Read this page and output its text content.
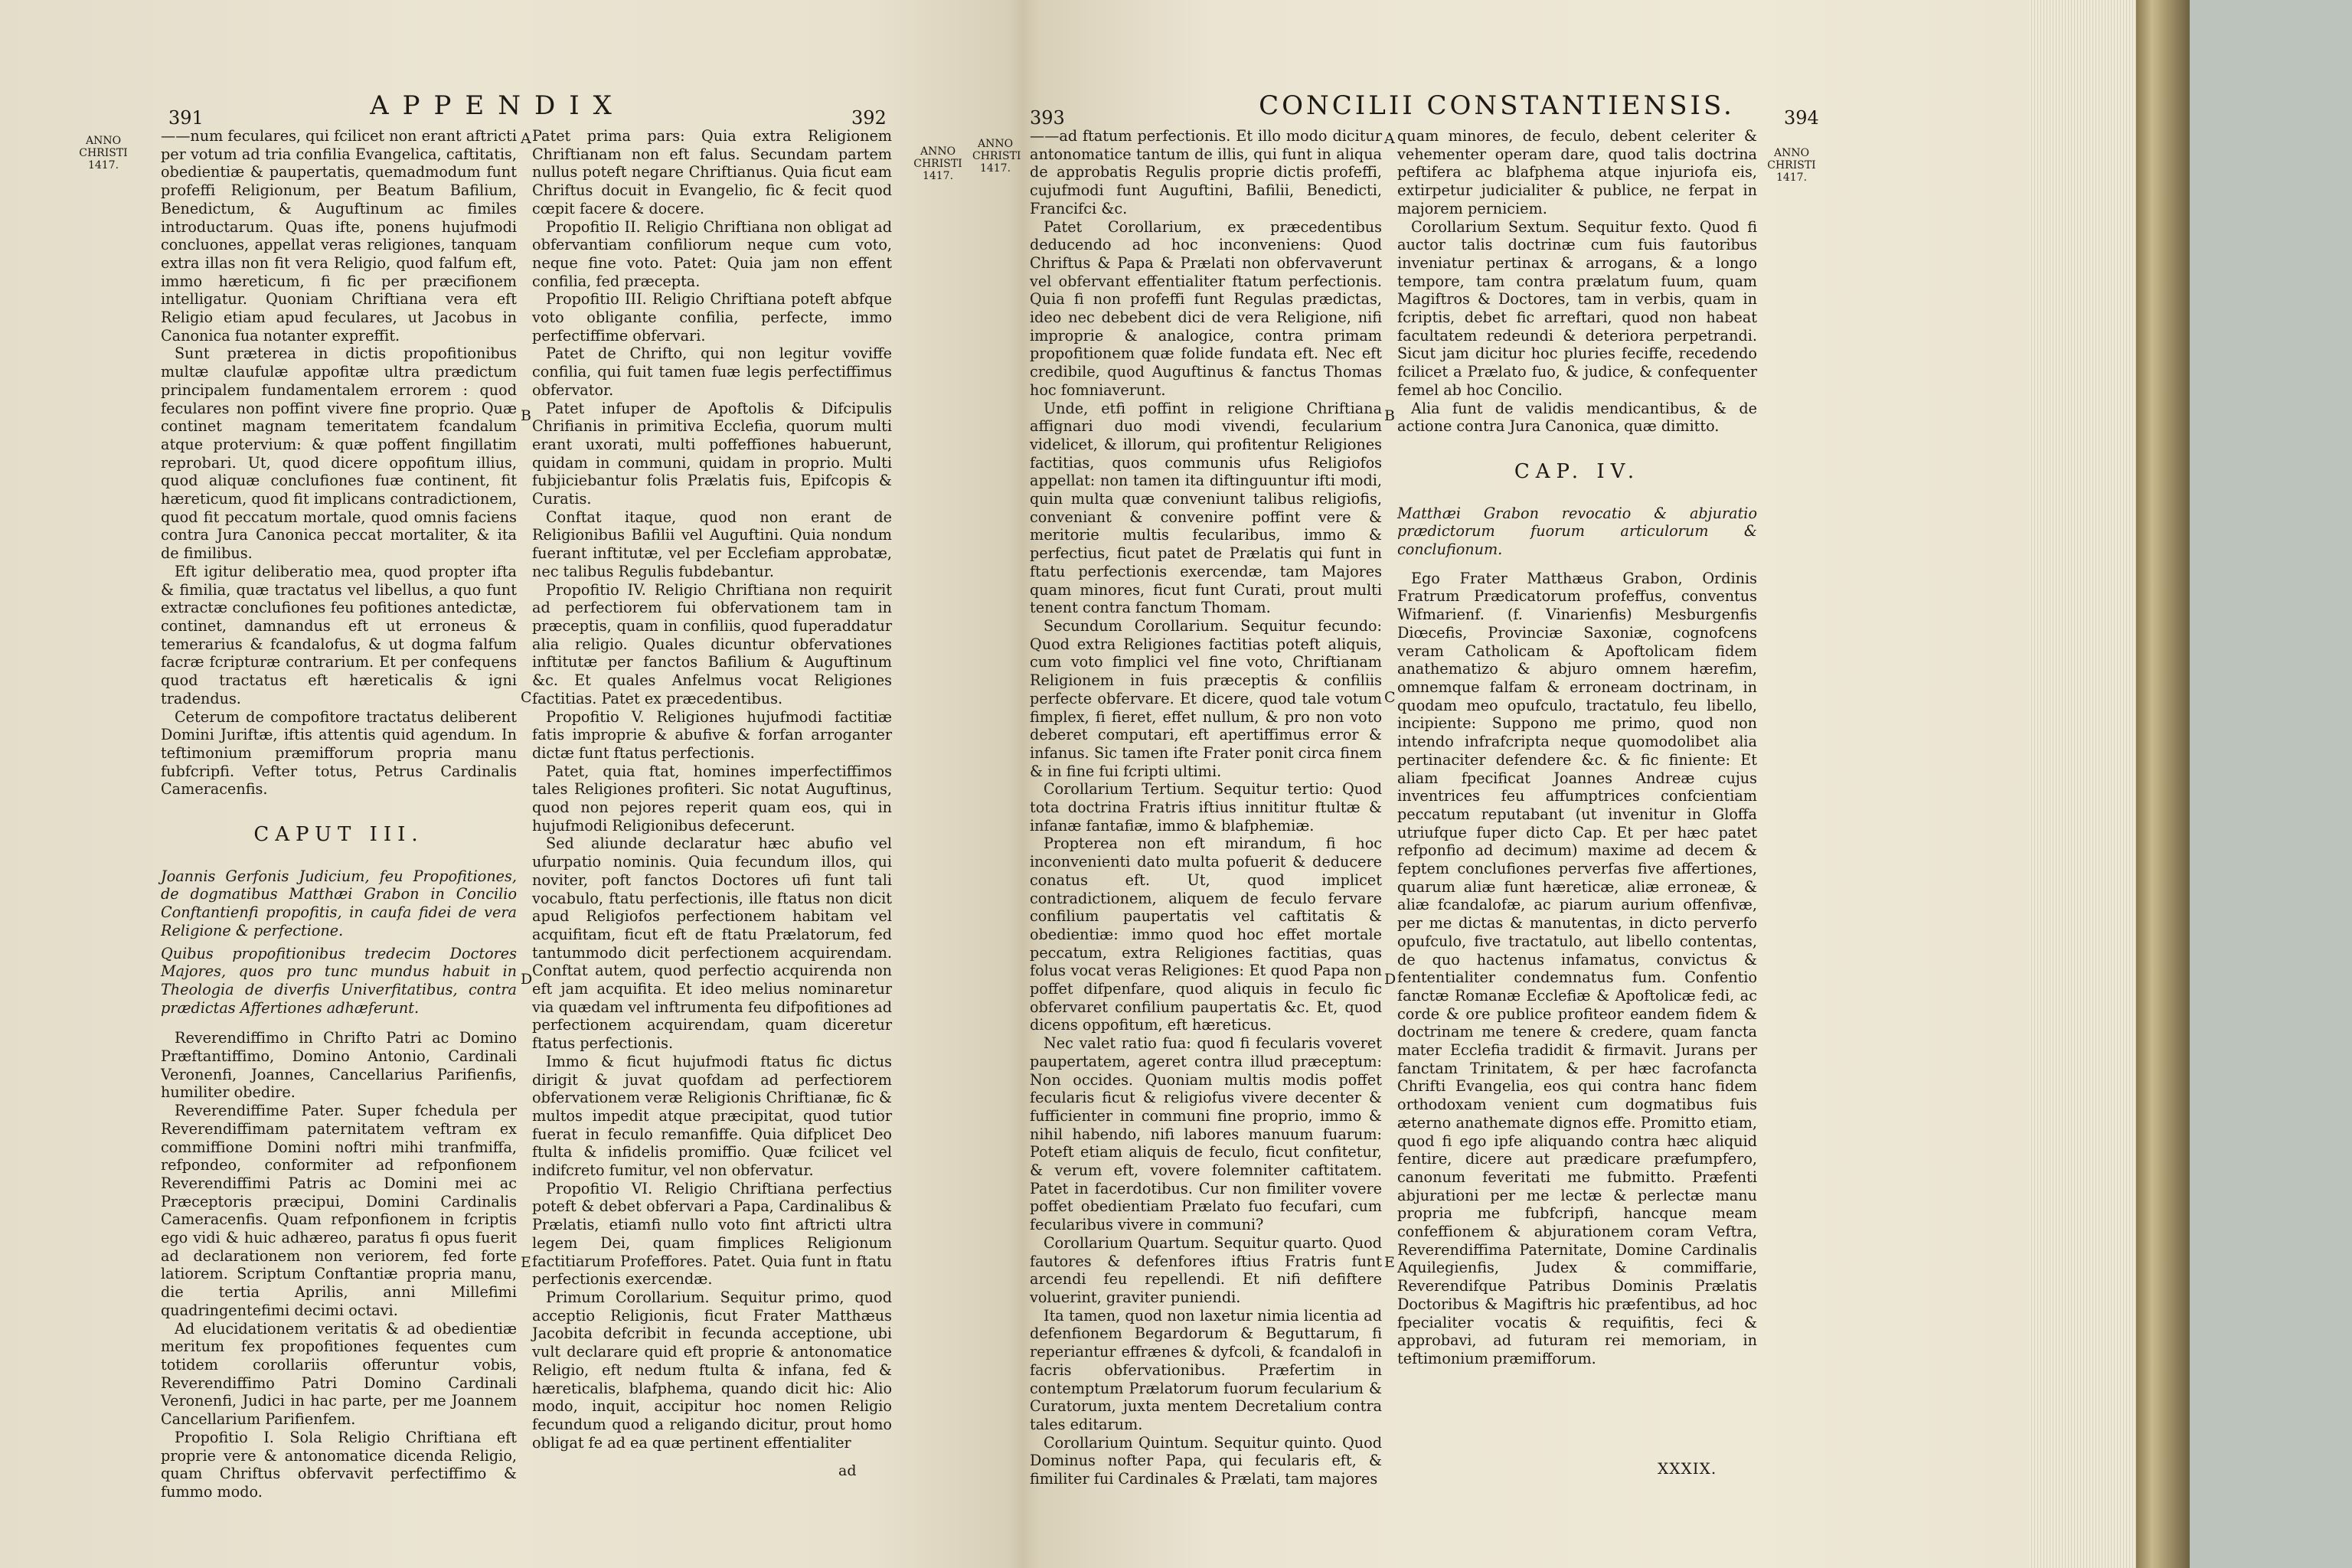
391	APPENDIX	392
ANNO
CHRISTI
1417.
ANNO
CHRISTI
1417.

——num feculares, qui fcilicet non erant aftricti per votum ad tria confilia Evangelica, caftitatis, obedientiæ & paupertatis, quemadmodum funt profeffi Religionum, per Beatum Bafilium, Benedictum, & Auguftinum ac fimiles introductarum. Quas ifte, ponens hujufmodi concluones, appellat veras religiones, tanquam extra illas non fit vera Religio, quod falfum eft, immo hæreticum, fi fic per præcifionem intelligatur. Quoniam Chriftiana vera eft Religio etiam apud feculares, ut Jacobus in Canonica fua notanter expreffit.

Sunt præterea in dictis propofitionibus multæ claufulæ appofitæ ultra prædictum principalem fundamentalem errorem : quod feculares non poffint vivere fine proprio. Quæ continet magnam temeritatem fcandalum atque protervium: & quæ poffent fingillatim reprobari. Ut, quod dicere oppofitum illius, quod aliquæ conclufiones fuæ continent, fit hæreticum, quod fit implicans contradictionem, quod fit peccatum mortale, quod omnis faciens contra Jura Canonica peccat mortaliter, & ita de fimilibus.

Eft igitur deliberatio mea, quod propter ifta & fimilia, quæ tractatus vel libellus, a quo funt extractæ conclufiones feu pofitiones antedictæ, continet, damnandus eft ut erroneus & temerarius & fcandalofus, & ut dogma falfum facræ fcripturæ contrarium. Et per confequens quod tractatus eft hæreticalis & igni tradendus.

Ceterum de compofitore tractatus deliberent Domini Juriftæ, iftis attentis quid agendum. In teftimonium præmifforum propria manu fubfcripfi. Vefter totus, Petrus Cardinalis Cameracenfis.

CAPUT III.
Joannis Gerfonis Judicium, feu Propofitiones, de dogmatibus Matthæi Grabon in Concilio Conftantienfi propofitis, in caufa fidei de vera Religione & perfectione.
Quibus propofitionibus tredecim Doctores Majores, quos pro tunc mundus habuit in Theologia de diverfis Univerfitatibus, contra prædictas Affertiones adhæferunt.

Reverendiffimo in Chrifto Patri ac Domino Præftantiffimo, Domino Antonio, Cardinali Veronenfi, Joannes, Cancellarius Parifienfis, humiliter obedire.

Reverendiffime Pater. Super fchedula per Reverendiffimam paternitatem veftram ex commiffione Domini noftri mihi tranfmiffa, refpondeo, conformiter ad refponfionem Reverendiffimi Patris ac Domini mei ac Præceptoris præcipui, Domini Cardinalis Cameracenfis. Quam refponfionem in fcriptis ego vidi & huic adhæreo, paratus fi opus fuerit ad declarationem non veriorem, fed forte latiorem. Scriptum Conftantiæ propria manu, die tertia Aprilis, anni Millefimi quadringentefimi decimi octavi.

Ad elucidationem veritatis & ad obedientiæ meritum fex propofitiones fequentes cum totidem corollariis offeruntur vobis, Reverendiffimo Patri Domino Cardinali Veronenfi, Judici in hac parte, per me Joannem Cancellarium Parifienfem.

Propofitio I. Sola Religio Chriftiana eft proprie vere & antonomatice dicenda Religio, quam Chriftus obfervavit perfectiffimo & fummo modo.

Patet prima pars: Quia extra Religionem Chriftianam non eft falus. Secundam partem nullus poteft negare Chriftianus. Quia ficut eam Chriftus docuit in Evangelio, fic & fecit quod cœpit facere & docere.

Propofitio II. Religio Chriftiana non obligat ad obfervantiam confiliorum neque cum voto, neque fine voto. Patet: Quia jam non effent confilia, fed præcepta.

Propofitio III. Religio Chriftiana poteft abfque voto obligante confilia, perfecte, immo perfectiffime obfervari.

Patet de Chrifto, qui non legitur voviffe confilia, qui fuit tamen fuæ legis perfectiffimus obfervator.

Patet infuper de Apoftolis & Difcipulis Chrifianis in primitiva Ecclefia, quorum multi erant uxorati, multi poffeffiones habuerunt, quidam in communi, quidam in proprio. Multi fubjiciebantur folis Prælatis fuis, Epifcopis & Curatis.

Conftat itaque, quod non erant de Religionibus Bafilii vel Auguftini. Quia nondum fuerant inftitutæ, vel per Ecclefiam approbatæ, nec talibus Regulis fubdebantur.

Propofitio IV. Religio Chriftiana non requirit ad perfectiorem fui obfervationem tam in præceptis, quam in confiliis, quod fuperaddatur alia religio. Quales dicuntur obfervationes inftitutæ per fanctos Bafilium & Auguftinum &c. Et quales Anfelmus vocat Religiones factitias. Patet ex præcedentibus.

Propofitio V. Religiones hujufmodi factitiæ fatis improprie & abufive & forfan arroganter dictæ funt ftatus perfectionis.

Patet, quia ftat, homines imperfectiffimos tales Religiones profiteri. Sic notat Auguftinus, quod non pejores reperit quam eos, qui in hujufmodi Religionibus defecerunt.

Sed aliunde declaratur hæc abufio vel ufurpatio nominis. Quia fecundum illos, qui noviter, poft fanctos Doctores ufi funt tali vocabulo, ftatu perfectionis, ille ftatus non dicit apud Religiofos perfectionem habitam vel acquifitam, ficut eft de ftatu Prælatorum, fed tantummodo dicit perfectionem acquirendam. Conftat autem, quod perfectio acquirenda non eft jam acquifita. Et ideo melius nominaretur via quædam vel inftrumenta feu difpofitiones ad perfectionem acquirendam, quam diceretur ftatus perfectionis.

Immo & ficut hujufmodi ftatus fic dictus dirigit & juvat quofdam ad perfectiorem obfervationem veræ Religionis Chriftianæ, fic & multos impedit atque præcipitat, quod tutior fuerat in feculo remanfiffe. Quia difplicet Deo ftulta & infidelis promiffio. Quæ fcilicet vel indifcreto fumitur, vel non obfervatur.

Propofitio VI. Religio Chriftiana perfectius poteft & debet obfervari a Papa, Cardinalibus & Prælatis, etiamfi nullo voto fint aftricti ultra legem Dei, quam fimplices Religionum factitiarum Profeffores. Patet. Quia funt in ftatu perfectionis exercendæ.

Primum Corollarium. Sequitur primo, quod acceptio Religionis, ficut Frater Matthæus Jacobita defcribit in fecunda acceptione, ubi vult declarare quid eft proprie & antonomatice Religio, eft nedum ftulta & infana, fed & hæreticalis, blafphema, quando dicit hic: Alio modo, inquit, accipitur hoc nomen Religio fecundum quod a religando dicitur, prout homo obligat fe ad ea quæ pertinent effentialiter

ad
A
B
C
D
E
393	CONCILII CONSTANTIENSIS.	394
ANNO
CHRISTI
1417.
ANNO
CHRISTI
1417.

——ad ftatum perfectionis. Et illo modo dicitur antonomatice tantum de illis, qui funt in aliqua de approbatis Regulis proprie dictis profeffi, cujufmodi funt Auguftini, Bafilii, Benedicti, Francifci &c.

Patet Corollarium, ex præcedentibus deducendo ad hoc inconveniens: Quod Chriftus & Papa & Prælati non obfervaverunt vel obfervant effentialiter ftatum perfectionis. Quia fi non profeffi funt Regulas prædictas, ideo nec debebent dici de vera Religione, nifi improprie & analogice, contra primam propofitionem quæ folide fundata eft. Nec eft credibile, quod Auguftinus & fanctus Thomas hoc fomniaverunt.

Unde, etfi poffint in religione Chriftiana affignari duo modi vivendi, fecularium videlicet, & illorum, qui profitentur Religiones factitias, quos communis ufus Religiofos appellat: non tamen ita diftinguuntur ifti modi, quin multa quæ conveniunt talibus religiofis, conveniant & convenire poffint vere & meritorie multis fecularibus, immo & perfectius, ficut patet de Prælatis qui funt in ftatu perfectionis exercendæ, tam Majores quam minores, ficut funt Curati, prout multi tenent contra fanctum Thomam.

Secundum Corollarium. Sequitur fecundo: Quod extra Religiones factitias poteft aliquis, cum voto fimplici vel fine voto, Chriftianam Religionem in fuis præceptis & confiliis perfecte obfervare. Et dicere, quod tale votum fimplex, fi fieret, effet nullum, & pro non voto deberet computari, eft apertiffimus error & infanus. Sic tamen ifte Frater ponit circa finem & in fine fui fcripti ultimi.

Corollarium Tertium. Sequitur tertio: Quod tota doctrina Fratris iftius innititur ftultæ & infanæ fantafiæ, immo & blafphemiæ.

Propterea non eft mirandum, fi hoc inconvenienti dato multa pofuerit & deducere conatus eft. Ut, quod implicet contradictionem, aliquem de feculo fervare confilium paupertatis vel caftitatis & obedientiæ: immo quod hoc effet mortale peccatum, extra Religiones factitias, quas folus vocat veras Religiones: Et quod Papa non poffet difpenfare, quod aliquis in feculo fic obfervaret confilium paupertatis &c. Et, quod dicens oppofitum, eft hæreticus.

Nec valet ratio fua: quod fi fecularis voveret paupertatem, ageret contra illud præceptum: Non occides. Quoniam multis modis poffet fecularis ficut & religiofus vivere decenter & fufficienter in communi fine proprio, immo & nihil habendo, nifi labores manuum fuarum: Poteft etiam aliquis de feculo, ficut confitetur, & verum eft, vovere folemniter caftitatem. Patet in facerdotibus. Cur non fimiliter vovere poffet obedientiam Prælato fuo fecufari, cum fecularibus vivere in communi?

Corollarium Quartum. Sequitur quarto. Quod fautores & defenfores iftius Fratris funt arcendi feu repellendi. Et nifi defiftere voluerint, graviter puniendi.

Ita tamen, quod non laxetur nimia licentia ad defenfionem Begardorum & Beguttarum, fi reperiantur effrænes & dyfcoli, & fcandalofi in facris obfervationibus. Præfertim in contemptum Prælatorum fuorum fecularium & Curatorum, juxta mentem Decretalium contra tales editarum.

Corollarium Quintum. Sequitur quinto. Quod Dominus nofter Papa, qui fecularis eft, & fimiliter fui Cardinales & Prælati, tam majores

quam minores, de feculo, debent celeriter & vehementer operam dare, quod talis doctrina peftifera ac blafphema atque injuriofa eis, extirpetur judicialiter & publice, ne ferpat in majorem perniciem.

Corollarium Sextum. Sequitur fexto. Quod fi auctor talis doctrinæ cum fuis fautoribus inveniatur pertinax & arrogans, & a longo tempore, tam contra prælatum fuum, quam Magiftros & Doctores, tam in verbis, quam in fcriptis, debet fic arreftari, quod non habeat facultatem redeundi & deteriora perpetrandi. Sicut jam dicitur hoc pluries feciffe, recedendo fcilicet a Prælato fuo, & judice, & confequenter femel ab hoc Concilio.

Alia funt de validis mendicantibus, & de actione contra Jura Canonica, quæ dimitto.

CAP. IV.
Matthæi Grabon revocatio & abjuratio prædictorum fuorum articulorum & conclufionum.

Ego Frater Matthæus Grabon, Ordinis Fratrum Prædicatorum profeffus, conventus Wifmarienf. (f. Vinarienfis) Mesburgenfis Diœcefis, Provinciæ Saxoniæ, cognofcens veram Catholicam & Apoftolicam fidem anathematizo & abjuro omnem hærefim, omnemque falfam & erroneam doctrinam, in quodam meo opufculo, tractatulo, feu libello, incipiente: Suppono me primo, quod non intendo infrafcripta neque quomodolibet alia pertinaciter defendere &c. & fic finiente: Et aliam fpecificat Joannes Andreæ cujus inventrices feu affumptrices confcientiam peccatum reputabant (ut invenitur in Gloffa utriufque fuper dicto Cap. Et per hæc patet refponfio ad decimum) maxime ad decem & feptem conclufiones perverfas five affertiones, quarum aliæ funt hæreticæ, aliæ erroneæ, & aliæ fcandalofæ, ac piarum aurium offenfivæ, per me dictas & manutentas, in dicto perverfo opufculo, five tractatulo, aut libello contentas, de quo hactenus infamatus, convictus & fententialiter condemnatus fum. Confentio fanctæ Romanæ Ecclefiæ & Apoftolicæ fedi, ac corde & ore publice profiteor eandem fidem & doctrinam me tenere & credere, quam fancta mater Ecclefia tradidit & firmavit. Jurans per fanctam Trinitatem, & per hæc facrofancta Chrifti Evangelia, eos qui contra hanc fidem orthodoxam venient cum dogmatibus fuis æterno anathemate dignos effe. Promitto etiam, quod fi ego ipfe aliquando contra hæc aliquid fentire, dicere aut prædicare præfumpfero, canonum feveritati me fubmitto. Præfenti abjurationi per me lectæ & perlectæ manu propria me fubfcripfi, hancque meam confeffionem & abjurationem coram Veftra, Reverendiffima Paternitate, Domine Cardinalis Aquilegienfis, Judex & commiffarie, Reverendifque Patribus Dominis Prælatis Doctoribus & Magiftris hic præfentibus, ad hoc fpecialiter vocatis & requifitis, feci & approbavi, ad futuram rei memoriam, in teftimonium præmifforum.

XXXIX.
A
B
C
D
E
